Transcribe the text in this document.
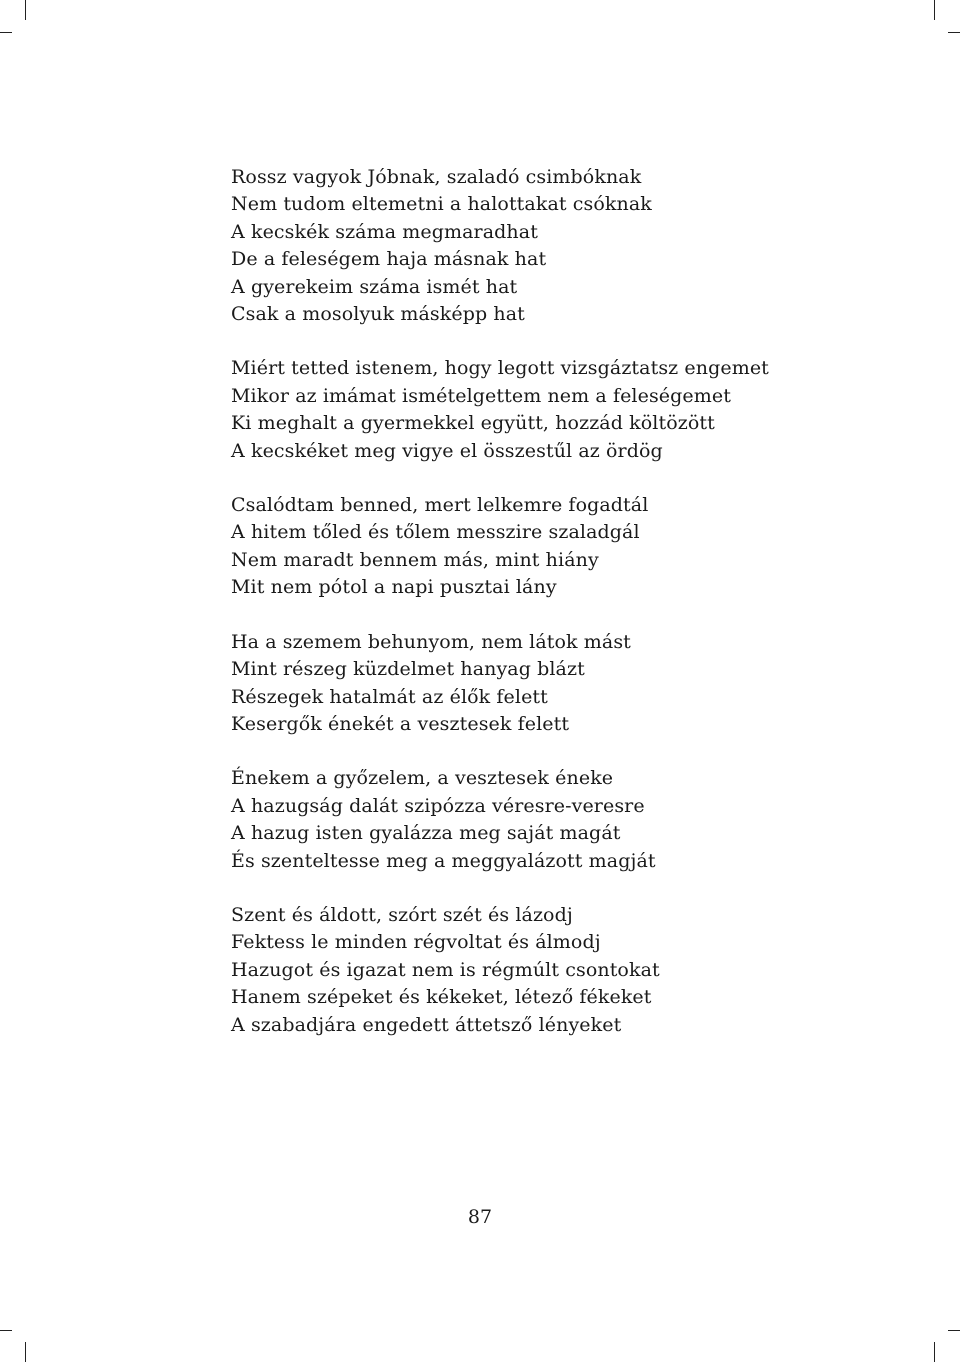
Rossz vagyok Jóbnak, szaladó csimbóknak
Nem tudom eltemetni a halottakat csóknak
A kecskék száma megmaradhat
De a feleségem haja másnak hat
A gyerekeim száma ismét hat
Csak a mosolyuk másképp hat
Miért tetted istenem, hogy legott vizsgáztatsz engemet
Mikor az imámat ismételgettem nem a feleségemet
Ki meghalt a gyermekkel együtt, hozzád költözött
A kecskéket meg vigye el összestűl az ördög
Csalódtam benned, mert lelkemre fogadtál
A hitem tőled és tőlem messzire szaladgál
Nem maradt bennem más, mint hiány
Mit nem pótol a napi pusztai lány
Ha a szemem behunyom, nem látok mást
Mint részeg küzdelmet hanyag blázt
Részegek hatalmát az élők felett
Kesergők énekét a vesztesek felett
Énekem a győzelem, a vesztesek éneke
A hazugság dalát szipózza véresre-veresre
A hazug isten gyalázza meg saját magát
És szenteltesse meg a meggyalázott magját
Szent és áldott, szórt szét és lázodj
Fektess le minden régvoltat és álmodj
Hazugot és igazat nem is régmúlt csontokat
Hanem szépeket és kékeket, létező fékeket
A szabadjára engedett áttetsző lényeket
87
